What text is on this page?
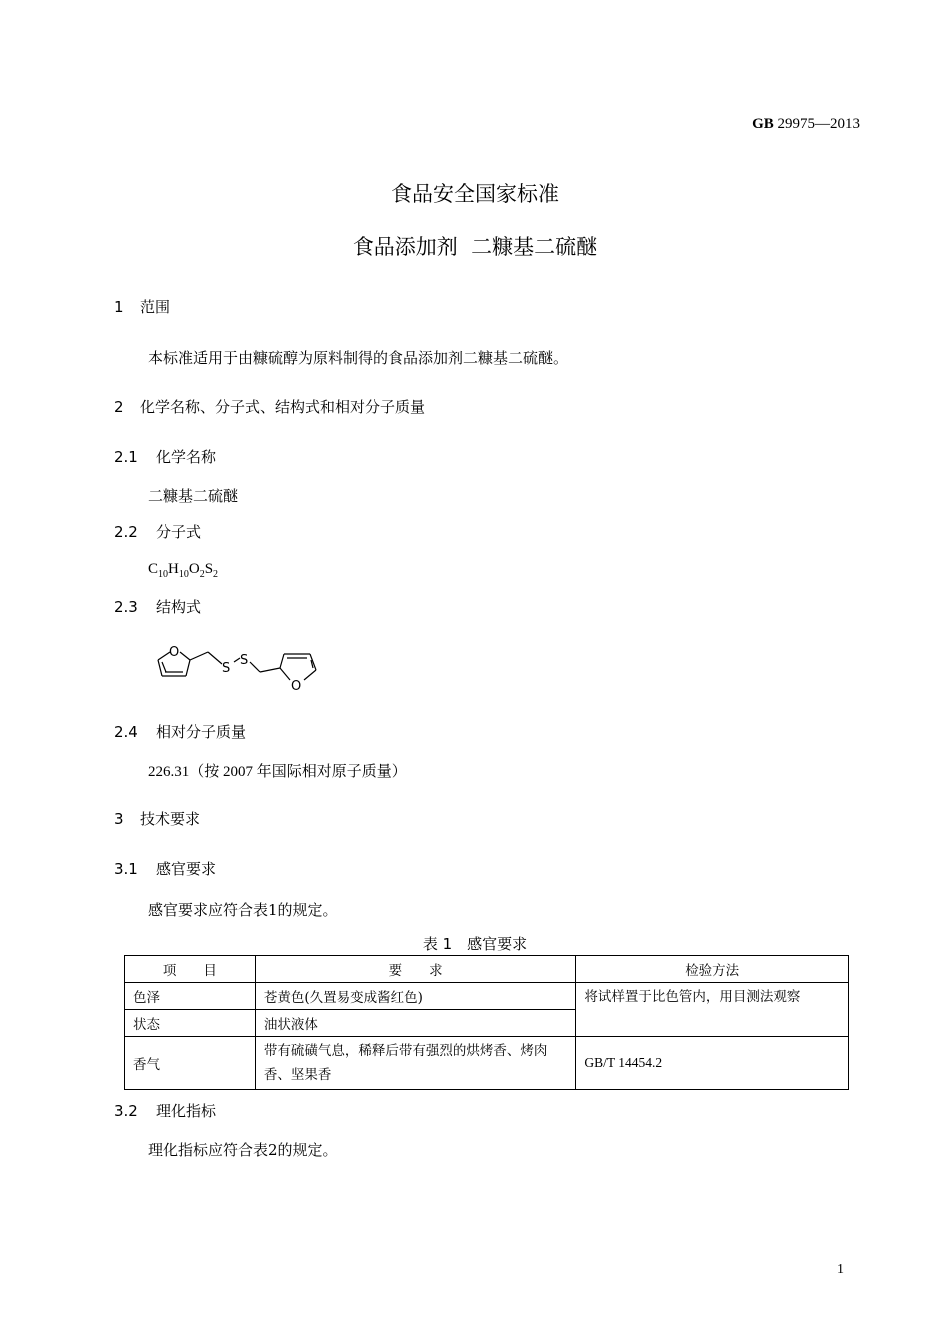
GB 29975—2013
食品安全国家标准
食品添加剂  二糠基二硫醚
1 范围
本标准适用于由糠硫醇为原料制得的食品添加剂二糠基二硫醚。
2 化学名称、分子式、结构式和相对分子质量
2.1 化学名称
二糠基二硫醚
2.2 分子式
$C_{10}H_{10}O_2S_2$
2.3 结构式
O
S
S
O
2.4 相对分子质量
226.31（按 2007 年国际相对原子质量）
3 技术要求
3.1 感官要求
感官要求应符合表1的规定。
表 1　感官要求
项　　目	要　　求	检验方法
色泽	苍黄色(久置易变成酱红色)	将试样置于比色管内，用目测法观察
状态	油状液体	
香气	带有硫磺气息，稀释后带有强烈的烘烤香、烤肉香、坚果香	GB/T 14454.2
3.2 理化指标
理化指标应符合表2的规定。
1
